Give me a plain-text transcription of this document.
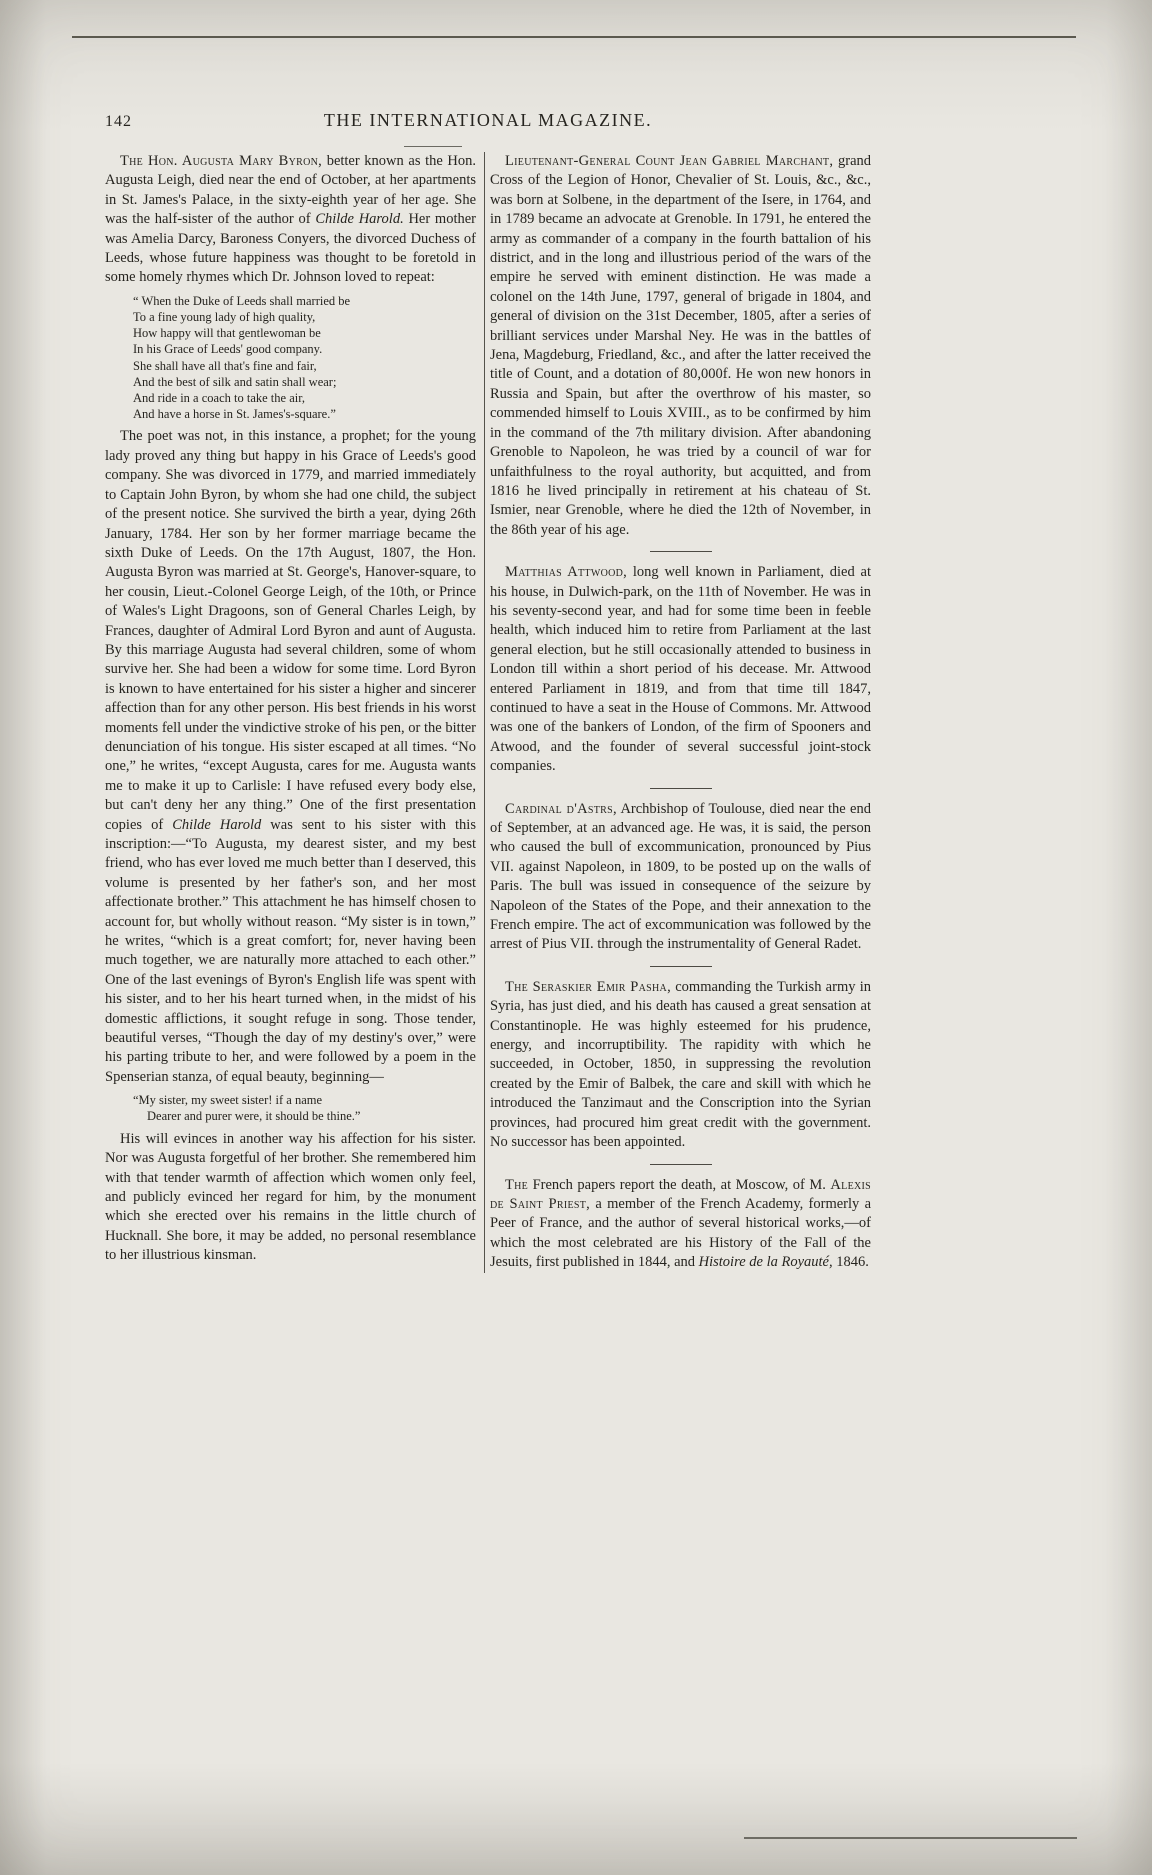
142	THE INTERNATIONAL MAGAZINE.

The Hon. Augusta Mary Byron, better known as the Hon. Augusta Leigh, died near the end of October, at her apartments in St. James's Palace, in the sixty-eighth year of her age. She was the half-sister of the author of Childe Harold. Her mother was Amelia Darcy, Baroness Conyers, the divorced Duchess of Leeds, whose future happiness was thought to be foretold in some homely rhymes which Dr. Johnson loved to repeat:

“ When the Duke of Leeds shall married be
To a fine young lady of high quality,
How happy will that gentlewoman be
In his Grace of Leeds' good company.
She shall have all that's fine and fair,
And the best of silk and satin shall wear;
And ride in a coach to take the air,
And have a horse in St. James's-square.”

The poet was not, in this instance, a prophet; for the young lady proved any thing but happy in his Grace of Leeds's good company. She was divorced in 1779, and married immediately to Captain John Byron, by whom she had one child, the subject of the present notice. She survived the birth a year, dying 26th January, 1784. Her son by her former marriage became the sixth Duke of Leeds. On the 17th August, 1807, the Hon. Augusta Byron was married at St. George's, Hanover-square, to her cousin, Lieut.-Colonel George Leigh, of the 10th, or Prince of Wales's Light Dragoons, son of General Charles Leigh, by Frances, daughter of Admiral Lord Byron and aunt of Augusta. By this marriage Augusta had several children, some of whom survive her. She had been a widow for some time. Lord Byron is known to have entertained for his sister a higher and sincerer affection than for any other person. His best friends in his worst moments fell under the vindictive stroke of his pen, or the bitter denunciation of his tongue. His sister escaped at all times. “No one,” he writes, “except Augusta, cares for me. Augusta wants me to make it up to Carlisle: I have refused every body else, but can't deny her any thing.” One of the first presentation copies of Childe Harold was sent to his sister with this inscription:—“To Augusta, my dearest sister, and my best friend, who has ever loved me much better than I deserved, this volume is presented by her father's son, and her most affectionate brother.” This attachment he has himself chosen to account for, but wholly without reason. “My sister is in town,” he writes, “which is a great comfort; for, never having been much together, we are naturally more attached to each other.” One of the last evenings of Byron's English life was spent with his sister, and to her his heart turned when, in the midst of his domestic afflictions, it sought refuge in song. Those tender, beautiful verses, “Though the day of my destiny's over,” were his parting tribute to her, and were followed by a poem in the Spenserian stanza, of equal beauty, beginning—

“My sister, my sweet sister! if a name
Dearer and purer were, it should be thine.”

His will evinces in another way his affection for his sister. Nor was Augusta forgetful of her brother. She remembered him with that tender warmth of affection which women only feel, and publicly evinced her regard for him, by the monument which she erected over his remains in the little church of Hucknall. She bore, it may be added, no personal resemblance to her illustrious kinsman.

Lieutenant-General Count Jean Gabriel Marchant, grand Cross of the Legion of Honor, Chevalier of St. Louis, &c., &c., was born at Solbene, in the department of the Isere, in 1764, and in 1789 became an advocate at Grenoble. In 1791, he entered the army as commander of a company in the fourth battalion of his district, and in the long and illustrious period of the wars of the empire he served with eminent distinction. He was made a colonel on the 14th June, 1797, general of brigade in 1804, and general of division on the 31st December, 1805, after a series of brilliant services under Marshal Ney. He was in the battles of Jena, Magdeburg, Friedland, &c., and after the latter received the title of Count, and a dotation of 80,000f. He won new honors in Russia and Spain, but after the overthrow of his master, so commended himself to Louis XVIII., as to be confirmed by him in the command of the 7th military division. After abandoning Grenoble to Napoleon, he was tried by a council of war for unfaithfulness to the royal authority, but acquitted, and from 1816 he lived principally in retirement at his chateau of St. Ismier, near Grenoble, where he died the 12th of November, in the 86th year of his age.

Matthias Attwood, long well known in Parliament, died at his house, in Dulwich-park, on the 11th of November. He was in his seventy-second year, and had for some time been in feeble health, which induced him to retire from Parliament at the last general election, but he still occasionally attended to business in London till within a short period of his decease. Mr. Attwood entered Parliament in 1819, and from that time till 1847, continued to have a seat in the House of Commons. Mr. Attwood was one of the bankers of London, of the firm of Spooners and Atwood, and the founder of several successful joint-stock companies.

Cardinal d'Astrs, Archbishop of Toulouse, died near the end of September, at an advanced age. He was, it is said, the person who caused the bull of excommunication, pronounced by Pius VII. against Napoleon, in 1809, to be posted up on the walls of Paris. The bull was issued in consequence of the seizure by Napoleon of the States of the Pope, and their annexation to the French empire. The act of excommunication was followed by the arrest of Pius VII. through the instrumentality of General Radet.

The Seraskier Emir Pasha, commanding the Turkish army in Syria, has just died, and his death has caused a great sensation at Constantinople. He was highly esteemed for his prudence, energy, and incorruptibility. The rapidity with which he succeeded, in October, 1850, in suppressing the revolution created by the Emir of Balbek, the care and skill with which he introduced the Tanzimaut and the Conscription into the Syrian provinces, had procured him great credit with the government. No successor has been appointed.

The French papers report the death, at Moscow, of M. Alexis de Saint Priest, a member of the French Academy, formerly a Peer of France, and the author of several historical works,—of which the most celebrated are his History of the Fall of the Jesuits, first published in 1844, and Histoire de la Royauté, 1846.
